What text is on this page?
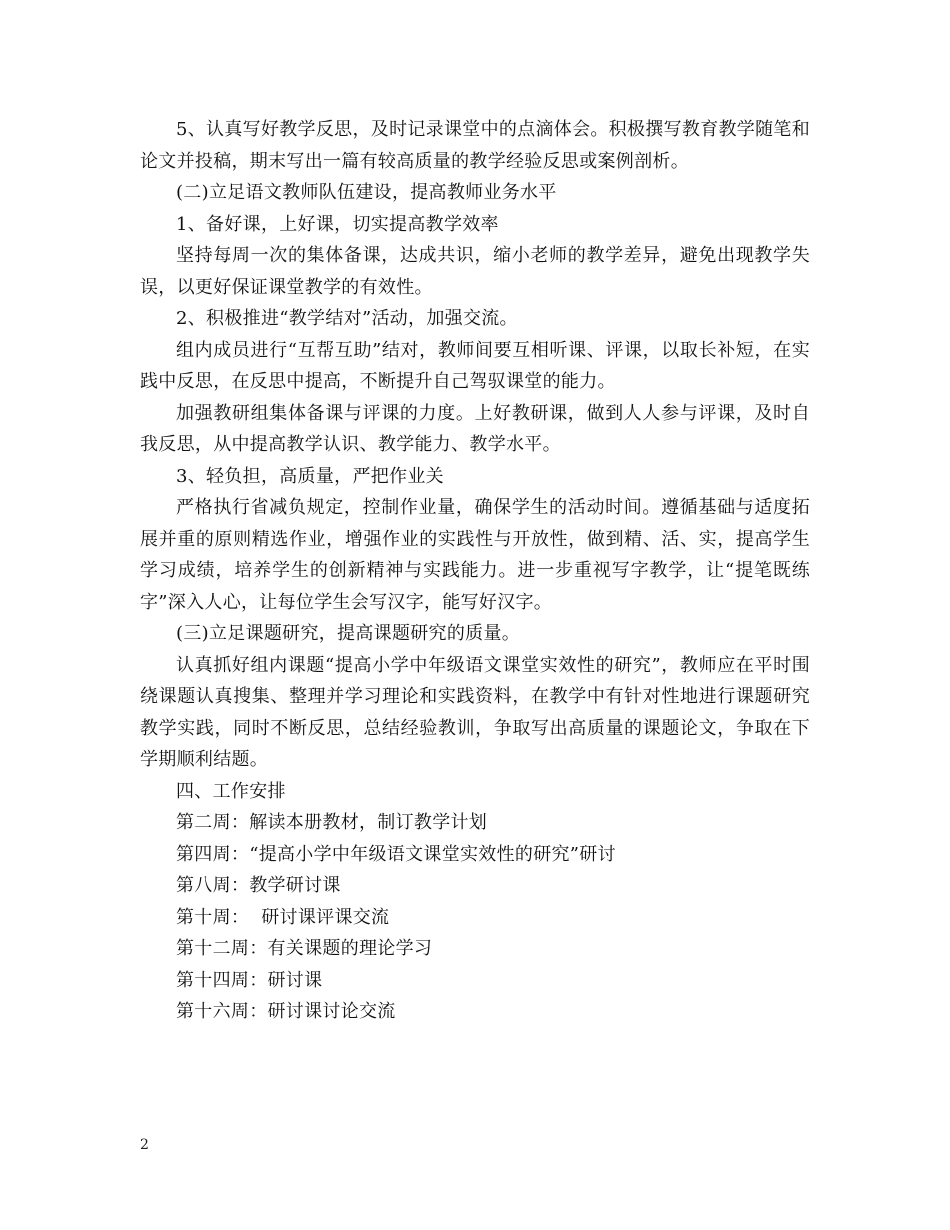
5、认真写好教学反思，及时记录课堂中的点滴体会。积极撰写教育教学随笔和论文并投稿，期末写出一篇有较高质量的教学经验反思或案例剖析。

(二)立足语文教师队伍建设，提高教师业务水平

1、备好课，上好课，切实提高教学效率

坚持每周一次的集体备课，达成共识，缩小老师的教学差异，避免出现教学失误，以更好保证课堂教学的有效性。

2、积极推进“教学结对”活动，加强交流。

组内成员进行“互帮互助”结对，教师间要互相听课、评课，以取长补短，在实践中反思，在反思中提高，不断提升自己驾驭课堂的能力。

加强教研组集体备课与评课的力度。上好教研课，做到人人参与评课，及时自我反思，从中提高教学认识、教学能力、教学水平。

3、轻负担，高质量，严把作业关

严格执行省减负规定，控制作业量，确保学生的活动时间。遵循基础与适度拓展并重的原则精选作业，增强作业的实践性与开放性，做到精、活、实，提高学生学习成绩，培养学生的创新精神与实践能力。进一步重视写字教学，让“提笔既练字”深入人心，让每位学生会写汉字，能写好汉字。

(三)立足课题研究，提高课题研究的质量。

认真抓好组内课题“提高小学中年级语文课堂实效性的研究”，教师应在平时围绕课题认真搜集、整理并学习理论和实践资料，在教学中有针对性地进行课题研究教学实践，同时不断反思，总结经验教训，争取写出高质量的课题论文，争取在下学期顺利结题。

四、工作安排

第二周：解读本册教材，制订教学计划

第四周：“提高小学中年级语文课堂实效性的研究”研讨

第八周：教学研讨课

第十周：  研讨课评课交流

第十二周：有关课题的理论学习

第十四周：研讨课

第十六周：研讨课讨论交流

2
